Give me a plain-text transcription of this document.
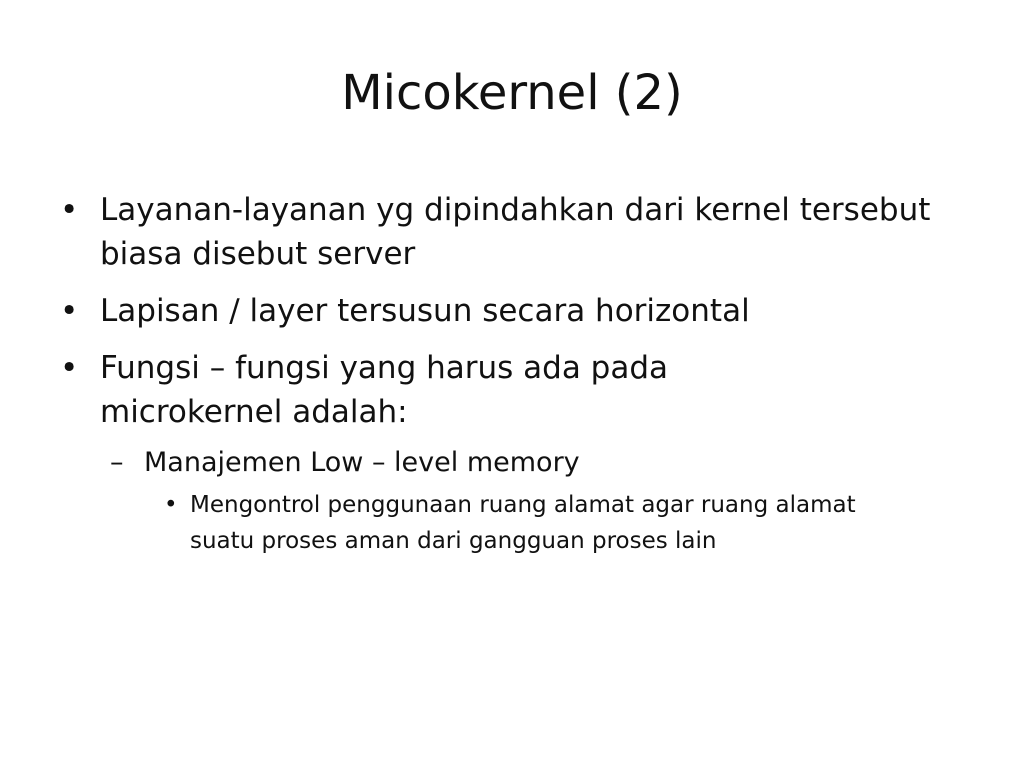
Micokernel (2)
• Layanan-layanan yg dipindahkan dari kernel tersebut biasa disebut server
• Lapisan / layer tersusun secara horizontal
• Fungsi – fungsi yang harus ada pada microkernel adalah:
– Manajemen Low – level memory
• Mengontrol penggunaan ruang alamat agar ruang alamat suatu proses aman dari gangguan proses lain
